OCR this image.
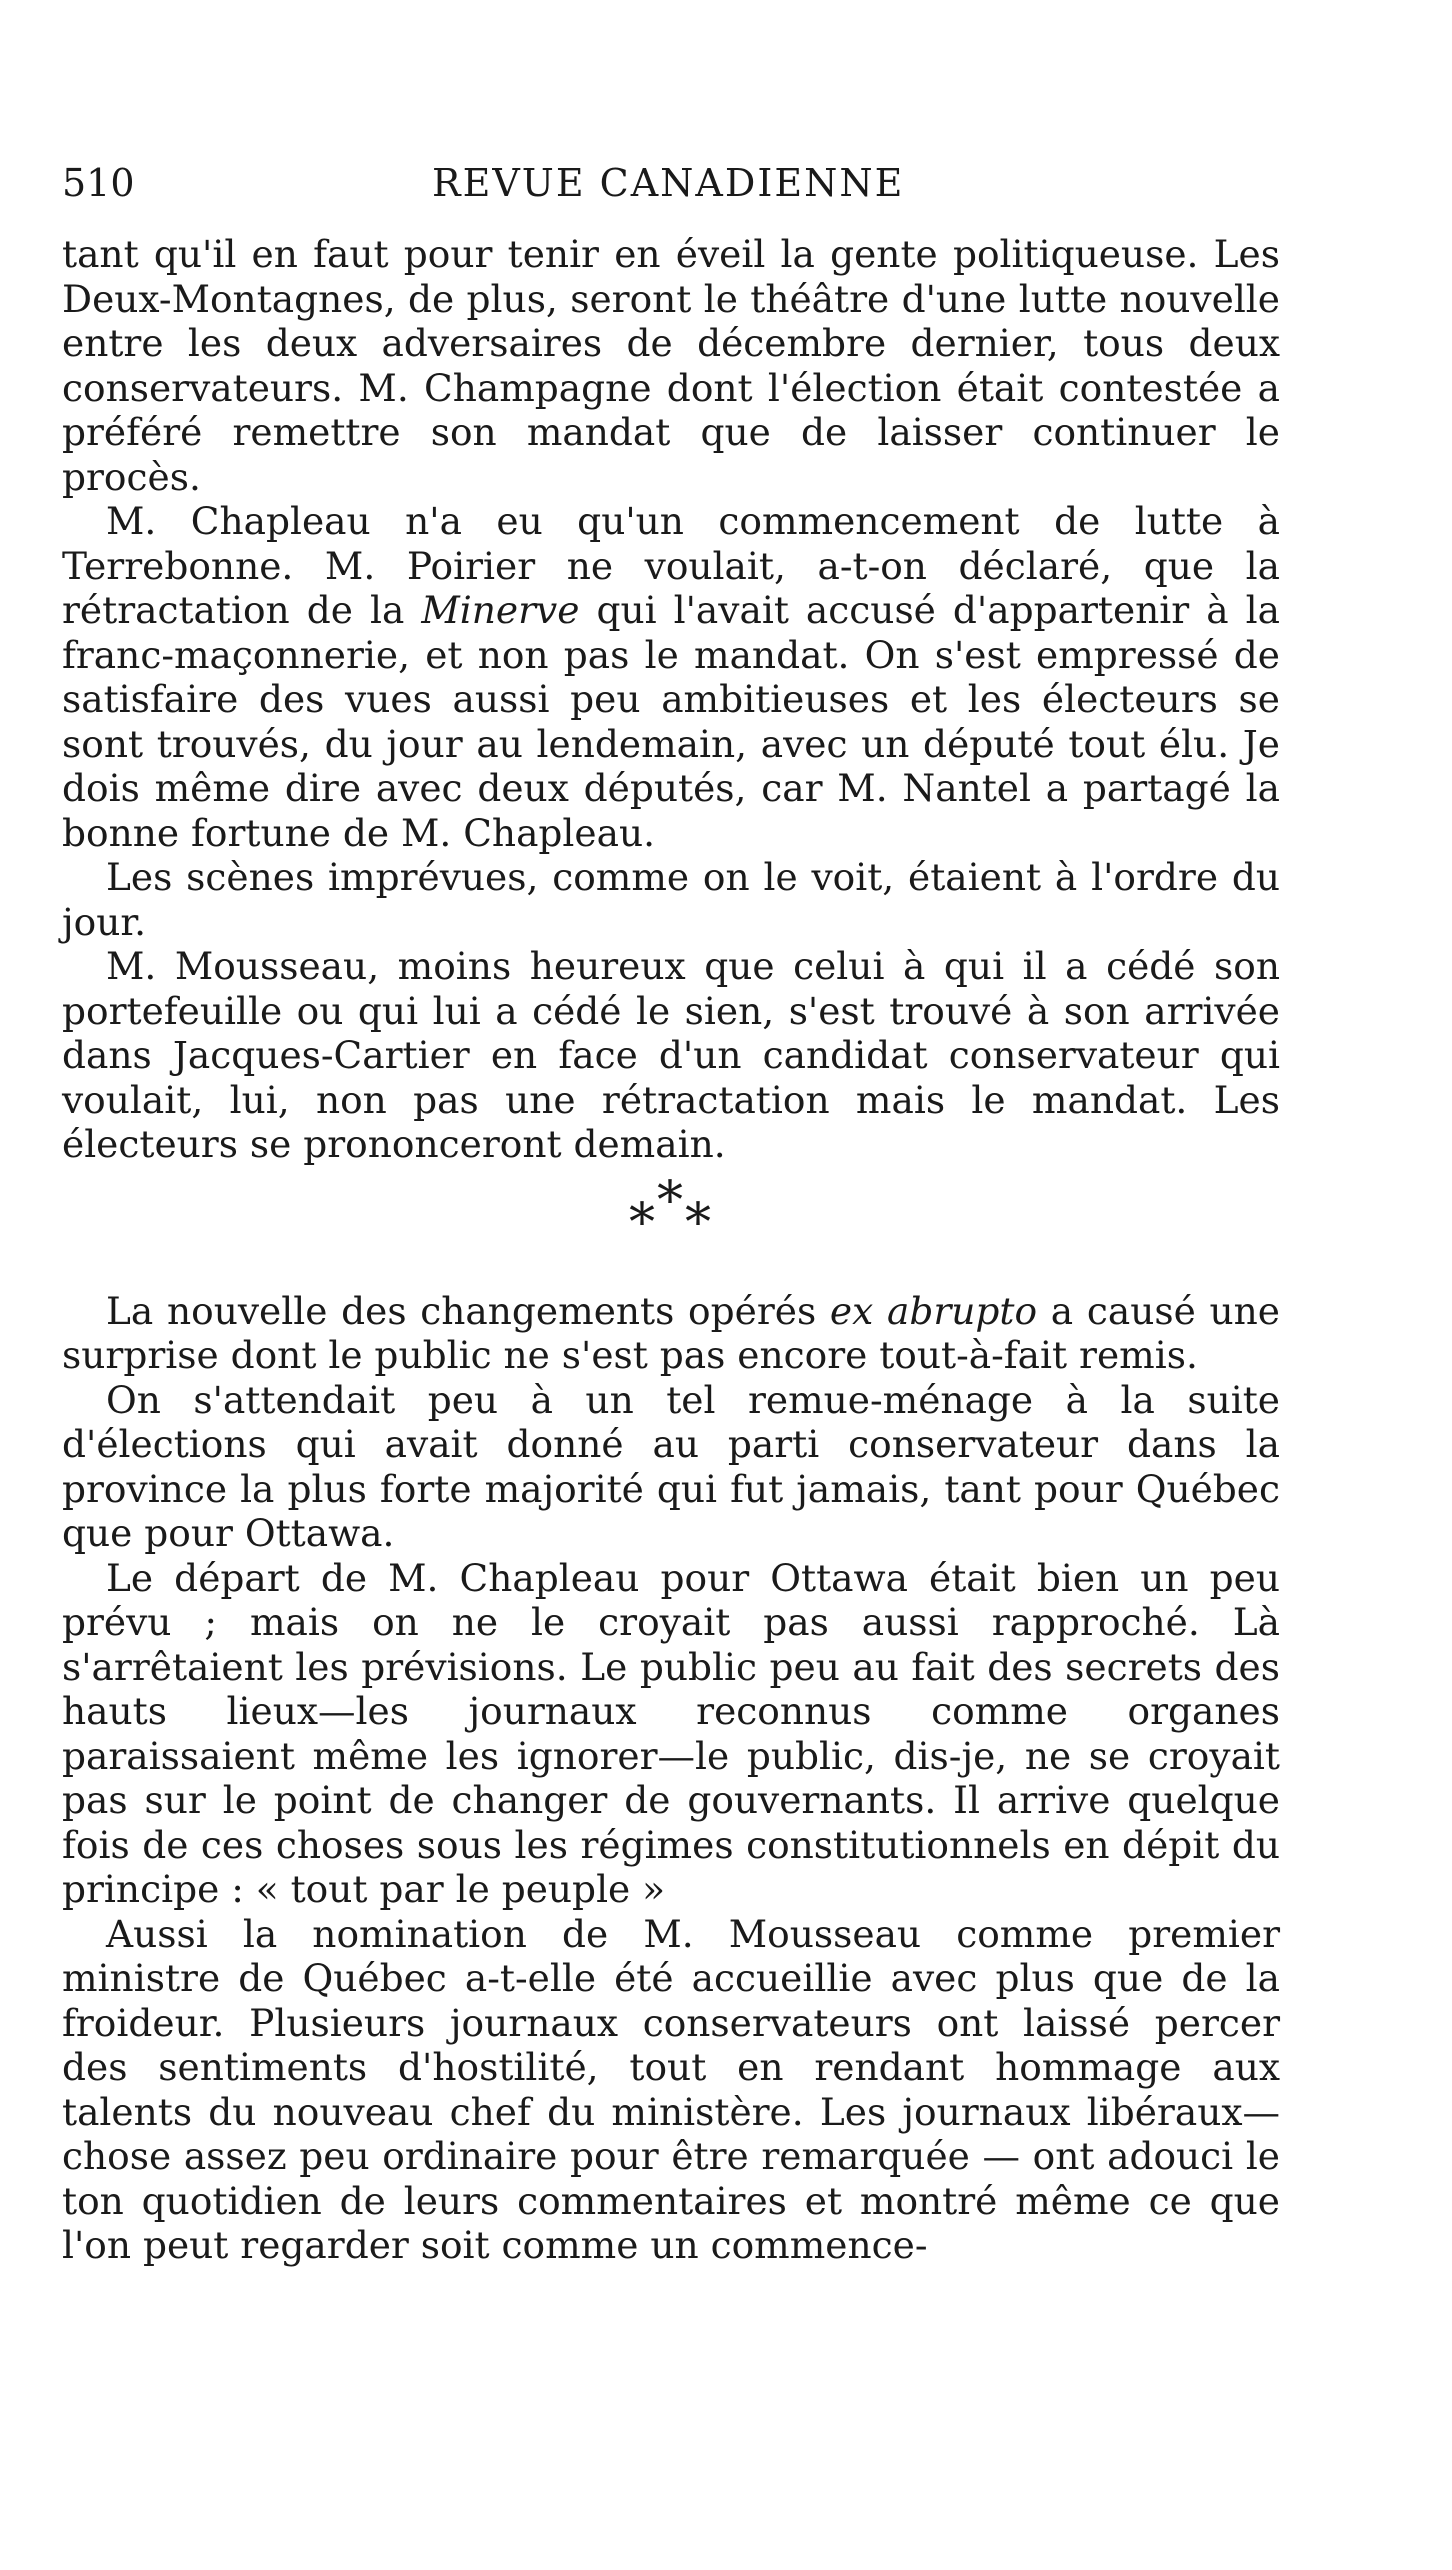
510	REVUE CANADIENNE

tant qu'il en faut pour tenir en éveil la gente politiqueuse. Les Deux-Montagnes, de plus, seront le théâtre d'une lutte nouvelle entre les deux adversaires de décembre dernier, tous deux conservateurs. M. Champagne dont l'élection était contestée a préféré remettre son mandat que de laisser continuer le procès.

M. Chapleau n'a eu qu'un commencement de lutte à Terrebonne. M. Poirier ne voulait, a-t-on déclaré, que la rétractation de la Minerve qui l'avait accusé d'appartenir à la franc-maçonnerie, et non pas le mandat. On s'est empressé de satisfaire des vues aussi peu ambitieuses et les électeurs se sont trouvés, du jour au lendemain, avec un député tout élu. Je dois même dire avec deux députés, car M. Nantel a partagé la bonne fortune de M. Chapleau.

Les scènes imprévues, comme on le voit, étaient à l'ordre du jour.

M. Mousseau, moins heureux que celui à qui il a cédé son portefeuille ou qui lui a cédé le sien, s'est trouvé à son arrivée dans Jacques-Cartier en face d'un candidat conservateur qui voulait, lui, non pas une rétractation mais le mandat. Les électeurs se prononceront demain.

***

La nouvelle des changements opérés ex abrupto a causé une surprise dont le public ne s'est pas encore tout-à-fait remis.

On s'attendait peu à un tel remue-ménage à la suite d'élections qui avait donné au parti conservateur dans la province la plus forte majorité qui fut jamais, tant pour Québec que pour Ottawa.

Le départ de M. Chapleau pour Ottawa était bien un peu prévu ; mais on ne le croyait pas aussi rapproché. Là s'arrêtaient les prévisions. Le public peu au fait des secrets des hauts lieux—les journaux reconnus comme organes paraissaient même les ignorer—le public, dis-je, ne se croyait pas sur le point de changer de gouvernants. Il arrive quelque fois de ces choses sous les régimes constitutionnels en dépit du principe : « tout par le peuple »

Aussi la nomination de M. Mousseau comme premier ministre de Québec a-t-elle été accueillie avec plus que de la froideur. Plusieurs journaux conservateurs ont laissé percer des sentiments d'hostilité, tout en rendant hommage aux talents du nouveau chef du ministère. Les journaux libéraux—chose assez peu ordinaire pour être remarquée — ont adouci le ton quotidien de leurs commentaires et montré même ce que l'on peut regarder soit comme un commence-
